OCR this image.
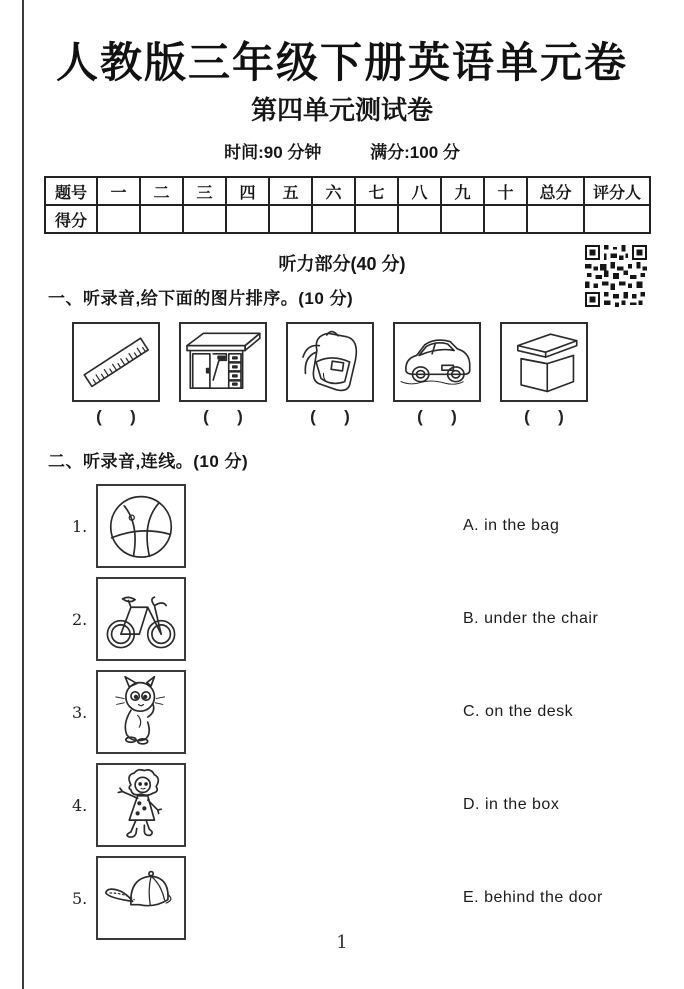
人教版三年级下册英语单元卷
第四单元测试卷
时间:90 分钟	满分:100 分
题号	一	二	三	四	五	六	七	八	九	十	总分	评分人
得分												
听力部分(40 分)
一、听录音,给下面的图片排序。(10 分)
(      )	(      )	(      )	(      )	(      )
二、听录音,连线。(10 分)
1.	A. in the bag
2.	B. under the chair
3.	C. on the desk
4.	D. in the box
5.	E. behind the door
1
